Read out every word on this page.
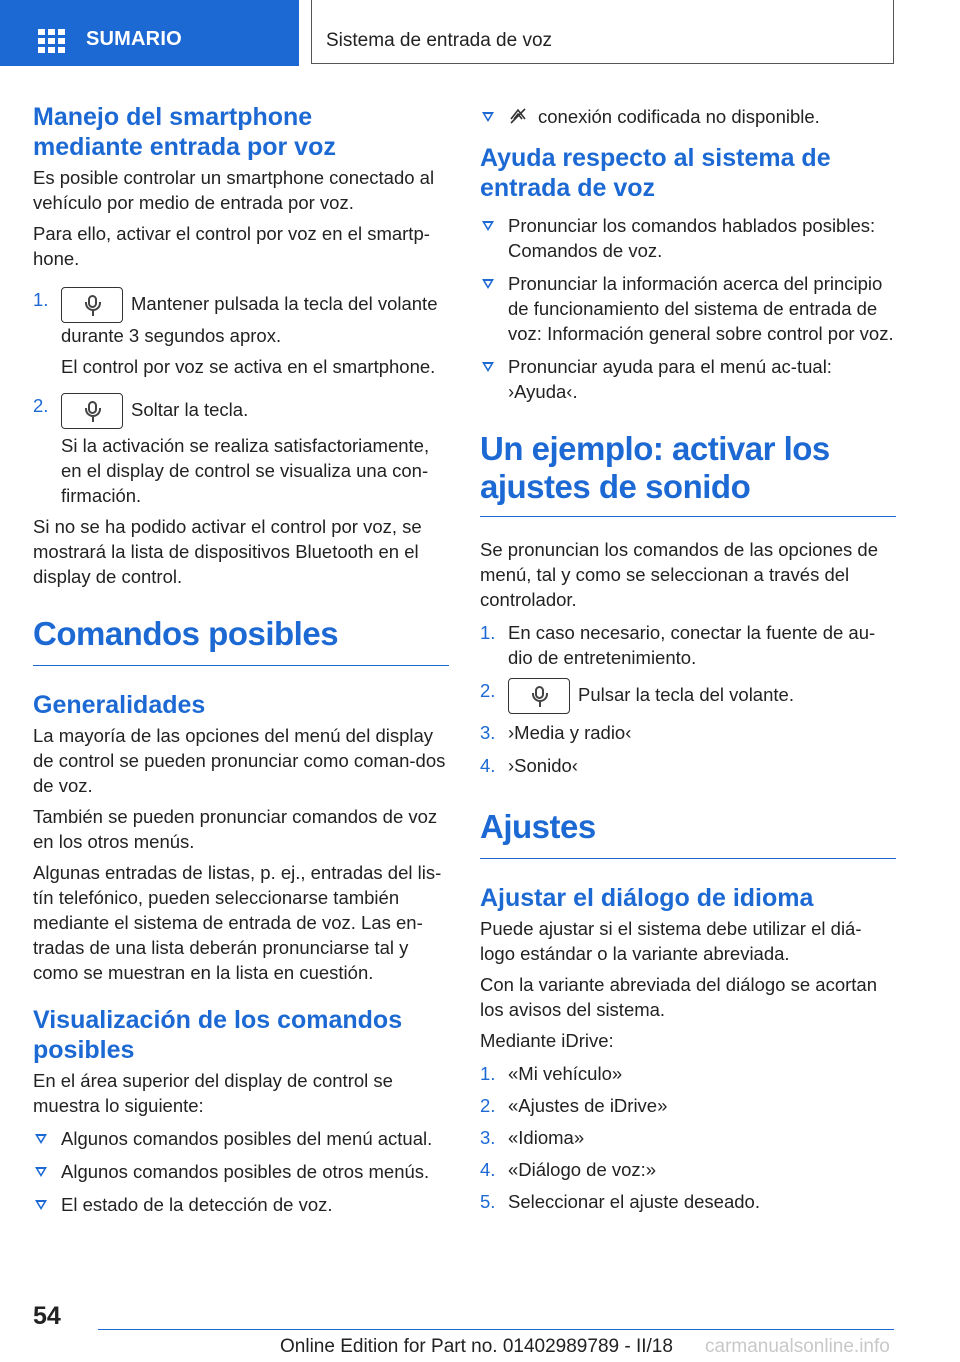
SUMARIO	Sistema de entrada de voz
Manejo del smartphone
mediante entrada por voz

Es posible controlar un smartphone conectado al vehículo por medio de entrada por voz.

Para ello, activar el control por voz en el smartp‐hone.

1.	Mantener pulsada la tecla del volante durante 3 segundos aprox.
El control por voz se activa en el smartphone.
2.	Soltar la tecla.
Si la activación se realiza satisfactoriamente, en el display de control se visualiza una con‐firmación.

Si no se ha podido activar el control por voz, se mostrará la lista de dispositivos Bluetooth en el display de control.

Comandos posibles
Generalidades

La mayoría de las opciones del menú del display de control se pueden pronunciar como coman‐dos de voz.

También se pueden pronunciar comandos de voz en los otros menús.

Algunas entradas de listas, p. ej., entradas del lis‐tín telefónico, pueden seleccionarse también mediante el sistema de entrada de voz. Las en‐tradas de una lista deberán pronunciarse tal y como se muestran en la lista en cuestión.

Visualización de los comandos
posibles

En el área superior del display de control se muestra lo siguiente:

Algunos comandos posibles del menú actual.
Algunos comandos posibles de otros menús.
El estado de la detección de voz.
conexión codificada no disponible.
Ayuda respecto al sistema de
entrada de voz
Pronunciar los comandos hablados posibles: Comandos de voz.
Pronunciar la información acerca del principio de funcionamiento del sistema de entrada de voz: Información general sobre control por voz.
Pronunciar ayuda para el menú ac‐tual: ›Ayuda‹.
Un ejemplo: activar los
ajustes de sonido

Se pronuncian los comandos de las opciones de menú, tal y como se seleccionan a través del controlador.

1. En caso necesario, conectar la fuente de au‐dio de entretenimiento.
2.	Pulsar la tecla del volante.
3. ›Media y radio‹
4. ›Sonido‹
Ajustes
Ajustar el diálogo de idioma

Puede ajustar si el sistema debe utilizar el diá‐logo estándar o la variante abreviada.

Con la variante abreviada del diálogo se acortan los avisos del sistema.

Mediante iDrive:

1. «Mi vehículo»
2. «Ajustes de iDrive»
3. «Idioma»
4. «Diálogo de voz:»
5. Seleccionar el ajuste deseado.
54
Online Edition for Part no. 01402989789 - II/18 carmanualsonline.info
